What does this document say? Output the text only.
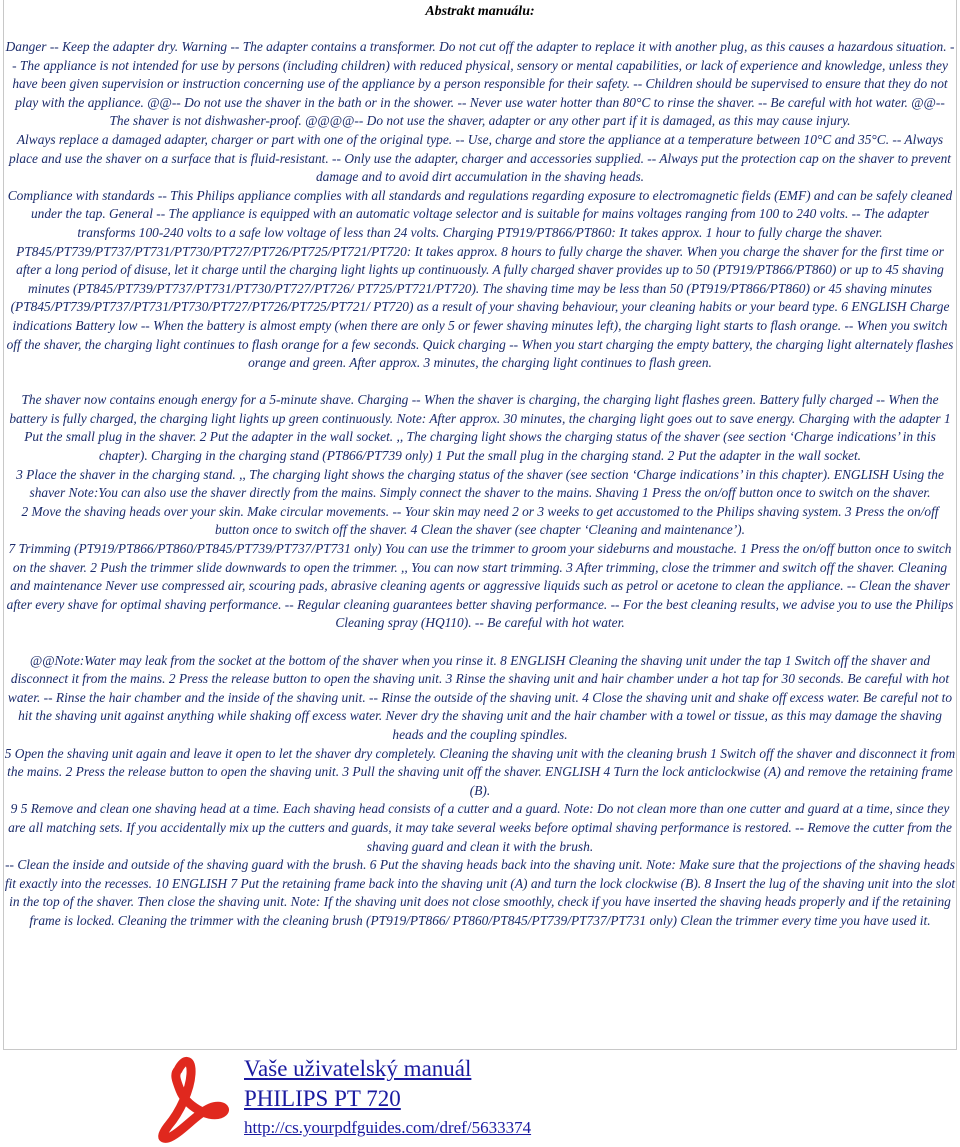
Abstrakt manuálu:

Danger -- Keep the adapter dry. Warning -- The adapter contains a transformer. Do not cut off the adapter to replace it with another plug, as this causes a hazardous situation. -- The appliance is not intended for use by persons (including children) with reduced physical, sensory or mental capabilities, or lack of experience and knowledge, unless they have been given supervision or instruction concerning use of the appliance by a person responsible for their safety. -- Children should be supervised to ensure that they do not play with the appliance. @@-- Do not use the shaver in the bath or in the shower. -- Never use water hotter than 80°C to rinse the shaver. -- Be careful with hot water. @@-- The shaver is not dishwasher-proof. @@@@-- Do not use the shaver, adapter or any other part if it is damaged, as this may cause injury.

Always replace a damaged adapter, charger or part with one of the original type. -- Use, charge and store the appliance at a temperature between 10°C and 35°C. -- Always place and use the shaver on a surface that is fluid-resistant. -- Only use the adapter, charger and accessories supplied. -- Always put the protection cap on the shaver to prevent damage and to avoid dirt accumulation in the shaving heads.

Compliance with standards -- This Philips appliance complies with all standards and regulations regarding exposure to electromagnetic fields (EMF) and can be safely cleaned under the tap. General -- The appliance is equipped with an automatic voltage selector and is suitable for mains voltages ranging from 100 to 240 volts. -- The adapter transforms 100-240 volts to a safe low voltage of less than 24 volts. Charging PT919/PT866/PT860: It takes approx. 1 hour to fully charge the shaver.

PT845/PT739/PT737/PT731/PT730/PT727/PT726/PT725/PT721/PT720: It takes approx. 8 hours to fully charge the shaver. When you charge the shaver for the first time or after a long period of disuse, let it charge until the charging light lights up continuously. A fully charged shaver provides up to 50 (PT919/PT866/PT860) or up to 45 shaving minutes (PT845/PT739/PT737/PT731/PT730/PT727/PT726/ PT725/PT721/PT720). The shaving time may be less than 50 (PT919/PT866/PT860) or 45 shaving minutes (PT845/PT739/PT737/PT731/PT730/PT727/PT726/PT725/PT721/ PT720) as a result of your shaving behaviour, your cleaning habits or your beard type. 6 ENGLISH Charge indications Battery low -- When the battery is almost empty (when there are only 5 or fewer shaving minutes left), the charging light starts to flash orange. -- When you switch off the shaver, the charging light continues to flash orange for a few seconds. Quick charging -- When you start charging the empty battery, the charging light alternately flashes orange and green. After approx. 3 minutes, the charging light continues to flash green.

The shaver now contains enough energy for a 5-minute shave. Charging -- When the shaver is charging, the charging light flashes green. Battery fully charged -- When the battery is fully charged, the charging light lights up green continuously. Note: After approx. 30 minutes, the charging light goes out to save energy. Charging with the adapter 1 Put the small plug in the shaver. 2 Put the adapter in the wall socket. ,, The charging light shows the charging status of the shaver (see section ‘Charge indications’ in this chapter). Charging in the charging stand (PT866/PT739 only) 1 Put the small plug in the charging stand. 2 Put the adapter in the wall socket.

3 Place the shaver in the charging stand. ,, The charging light shows the charging status of the shaver (see section ‘Charge indications’ in this chapter). ENGLISH Using the shaver Note:You can also use the shaver directly from the mains. Simply connect the shaver to the mains. Shaving 1 Press the on/off button once to switch on the shaver.

2 Move the shaving heads over your skin. Make circular movements. -- Your skin may need 2 or 3 weeks to get accustomed to the Philips shaving system. 3 Press the on/off button once to switch off the shaver. 4 Clean the shaver (see chapter ‘Cleaning and maintenance’).

7 Trimming (PT919/PT866/PT860/PT845/PT739/PT737/PT731 only) You can use the trimmer to groom your sideburns and moustache. 1 Press the on/off button once to switch on the shaver. 2 Push the trimmer slide downwards to open the trimmer. ,, You can now start trimming. 3 After trimming, close the trimmer and switch off the shaver. Cleaning and maintenance Never use compressed air, scouring pads, abrasive cleaning agents or aggressive liquids such as petrol or acetone to clean the appliance. -- Clean the shaver after every shave for optimal shaving performance. -- Regular cleaning guarantees better shaving performance. -- For the best cleaning results, we advise you to use the Philips Cleaning spray (HQ110). -- Be careful with hot water.

@@Note:Water may leak from the socket at the bottom of the shaver when you rinse it. 8 ENGLISH Cleaning the shaving unit under the tap 1 Switch off the shaver and disconnect it from the mains. 2 Press the release button to open the shaving unit. 3 Rinse the shaving unit and hair chamber under a hot tap for 30 seconds. Be careful with hot water. -- Rinse the hair chamber and the inside of the shaving unit. -- Rinse the outside of the shaving unit. 4 Close the shaving unit and shake off excess water. Be careful not to hit the shaving unit against anything while shaking off excess water. Never dry the shaving unit and the hair chamber with a towel or tissue, as this may damage the shaving heads and the coupling spindles.

5 Open the shaving unit again and leave it open to let the shaver dry completely. Cleaning the shaving unit with the cleaning brush 1 Switch off the shaver and disconnect it from the mains. 2 Press the release button to open the shaving unit. 3 Pull the shaving unit off the shaver. ENGLISH 4 Turn the lock anticlockwise (A) and remove the retaining frame (B).

9 5 Remove and clean one shaving head at a time. Each shaving head consists of a cutter and a guard. Note: Do not clean more than one cutter and guard at a time, since they are all matching sets. If you accidentally mix up the cutters and guards, it may take several weeks before optimal shaving performance is restored. -- Remove the cutter from the shaving guard and clean it with the brush.

-- Clean the inside and outside of the shaving guard with the brush. 6 Put the shaving heads back into the shaving unit. Note: Make sure that the projections of the shaving heads fit exactly into the recesses. 10 ENGLISH 7 Put the retaining frame back into the shaving unit (A) and turn the lock clockwise (B). 8 Insert the lug of the shaving unit into the slot in the top of the shaver. Then close the shaving unit. Note: If the shaving unit does not close smoothly, check if you have inserted the shaving heads properly and if the retaining frame is locked. Cleaning the trimmer with the cleaning brush (PT919/PT866/ PT860/PT845/PT739/PT737/PT731 only) Clean the trimmer every time you have used it.

Vaše uživatelský manuál
PHILIPS PT 720
http://cs.yourpdfguides.com/dref/5633374
